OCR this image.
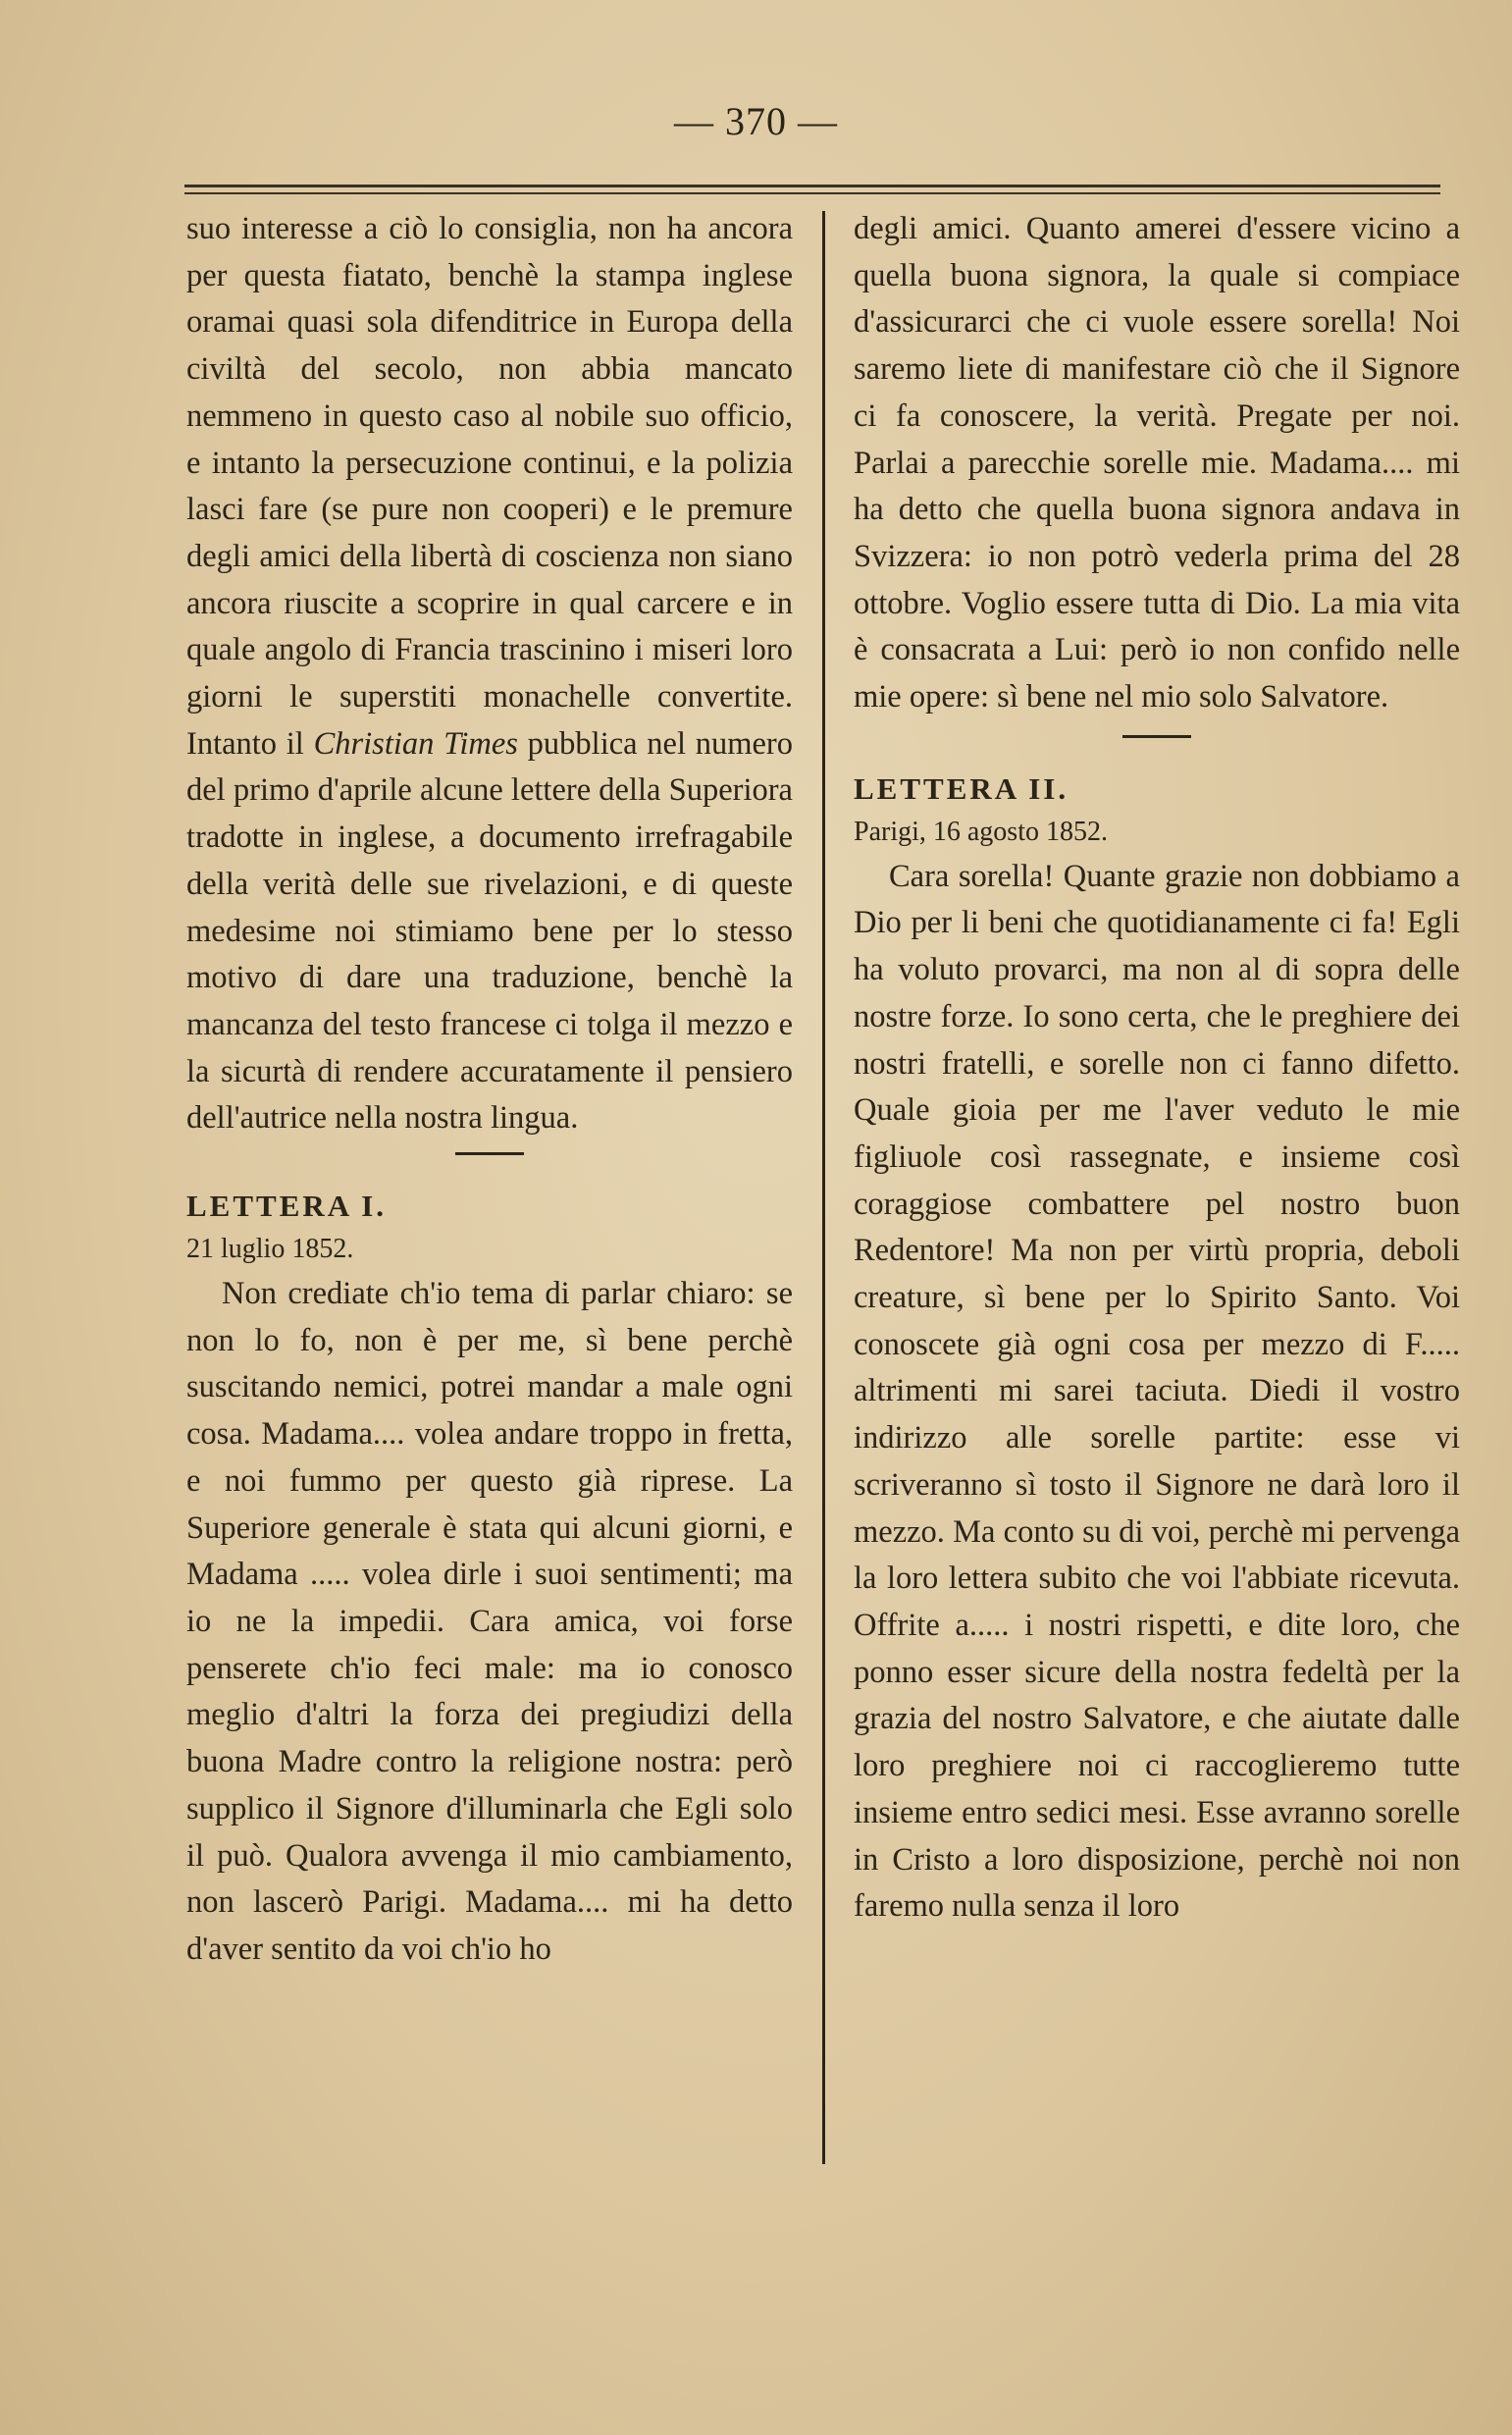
— 370 —

suo interesse a ciò lo consiglia, non ha ancora per questa fiatato, benchè la stampa inglese oramai quasi sola difenditrice in Europa della civiltà del secolo, non abbia mancato nemmeno in questo caso al nobile suo officio, e intanto la persecuzione continui, e la polizia lasci fare (se pure non cooperi) e le premure degli amici della libertà di coscienza non siano ancora riuscite a scoprire in qual carcere e in quale angolo di Francia trascinino i miseri loro giorni le superstiti monachelle convertite. Intanto il Christian Times pubblica nel numero del primo d'aprile alcune lettere della Superiora tradotte in inglese, a documento irrefragabile della verità delle sue rivelazioni, e di queste medesime noi stimiamo bene per lo stesso motivo di dare una traduzione, benchè la mancanza del testo francese ci tolga il mezzo e la sicurtà di rendere accuratamente il pensiero dell'autrice nella nostra lingua.

LETTERA I.

21 luglio 1852.

Non crediate ch'io tema di parlar chiaro: se non lo fo, non è per me, sì bene perchè suscitando nemici, potrei mandar a male ogni cosa. Madama.... volea andare troppo in fretta, e noi fummo per questo già riprese. La Superiore generale è stata qui alcuni giorni, e Madama ..... volea dirle i suoi sentimenti; ma io ne la impedii. Cara amica, voi forse penserete ch'io feci male: ma io conosco meglio d'altri la forza dei pregiudizi della buona Madre contro la religione nostra: però supplico il Signore d'illuminarla che Egli solo il può. Qualora avvenga il mio cambiamento, non lascerò Parigi. Madama.... mi ha detto d'aver sentito da voi ch'io ho

degli amici. Quanto amerei d'essere vicino a quella buona signora, la quale si compiace d'assicurarci che ci vuole essere sorella! Noi saremo liete di manifestare ciò che il Signore ci fa conoscere, la verità. Pregate per noi. Parlai a parecchie sorelle mie. Madama.... mi ha detto che quella buona signora andava in Svizzera: io non potrò vederla prima del 28 ottobre. Voglio essere tutta di Dio. La mia vita è consacrata a Lui: però io non confido nelle mie opere: sì bene nel mio solo Salvatore.

LETTERA II.

Parigi, 16 agosto 1852.

Cara sorella! Quante grazie non dobbiamo a Dio per li beni che quotidianamente ci fa! Egli ha voluto provarci, ma non al di sopra delle nostre forze. Io sono certa, che le preghiere dei nostri fratelli, e sorelle non ci fanno difetto. Quale gioia per me l'aver veduto le mie figliuole così rassegnate, e insieme così coraggiose combattere pel nostro buon Redentore! Ma non per virtù propria, deboli creature, sì bene per lo Spirito Santo. Voi conoscete già ogni cosa per mezzo di F..... altrimenti mi sarei taciuta. Diedi il vostro indirizzo alle sorelle partite: esse vi scriveranno sì tosto il Signore ne darà loro il mezzo. Ma conto su di voi, perchè mi pervenga la loro lettera subito che voi l'abbiate ricevuta. Offrite a..... i nostri rispetti, e dite loro, che ponno esser sicure della nostra fedeltà per la grazia del nostro Salvatore, e che aiutate dalle loro preghiere noi ci raccoglieremo tutte insieme entro sedici mesi. Esse avranno sorelle in Cristo a loro disposizione, perchè noi non faremo nulla senza il loro
